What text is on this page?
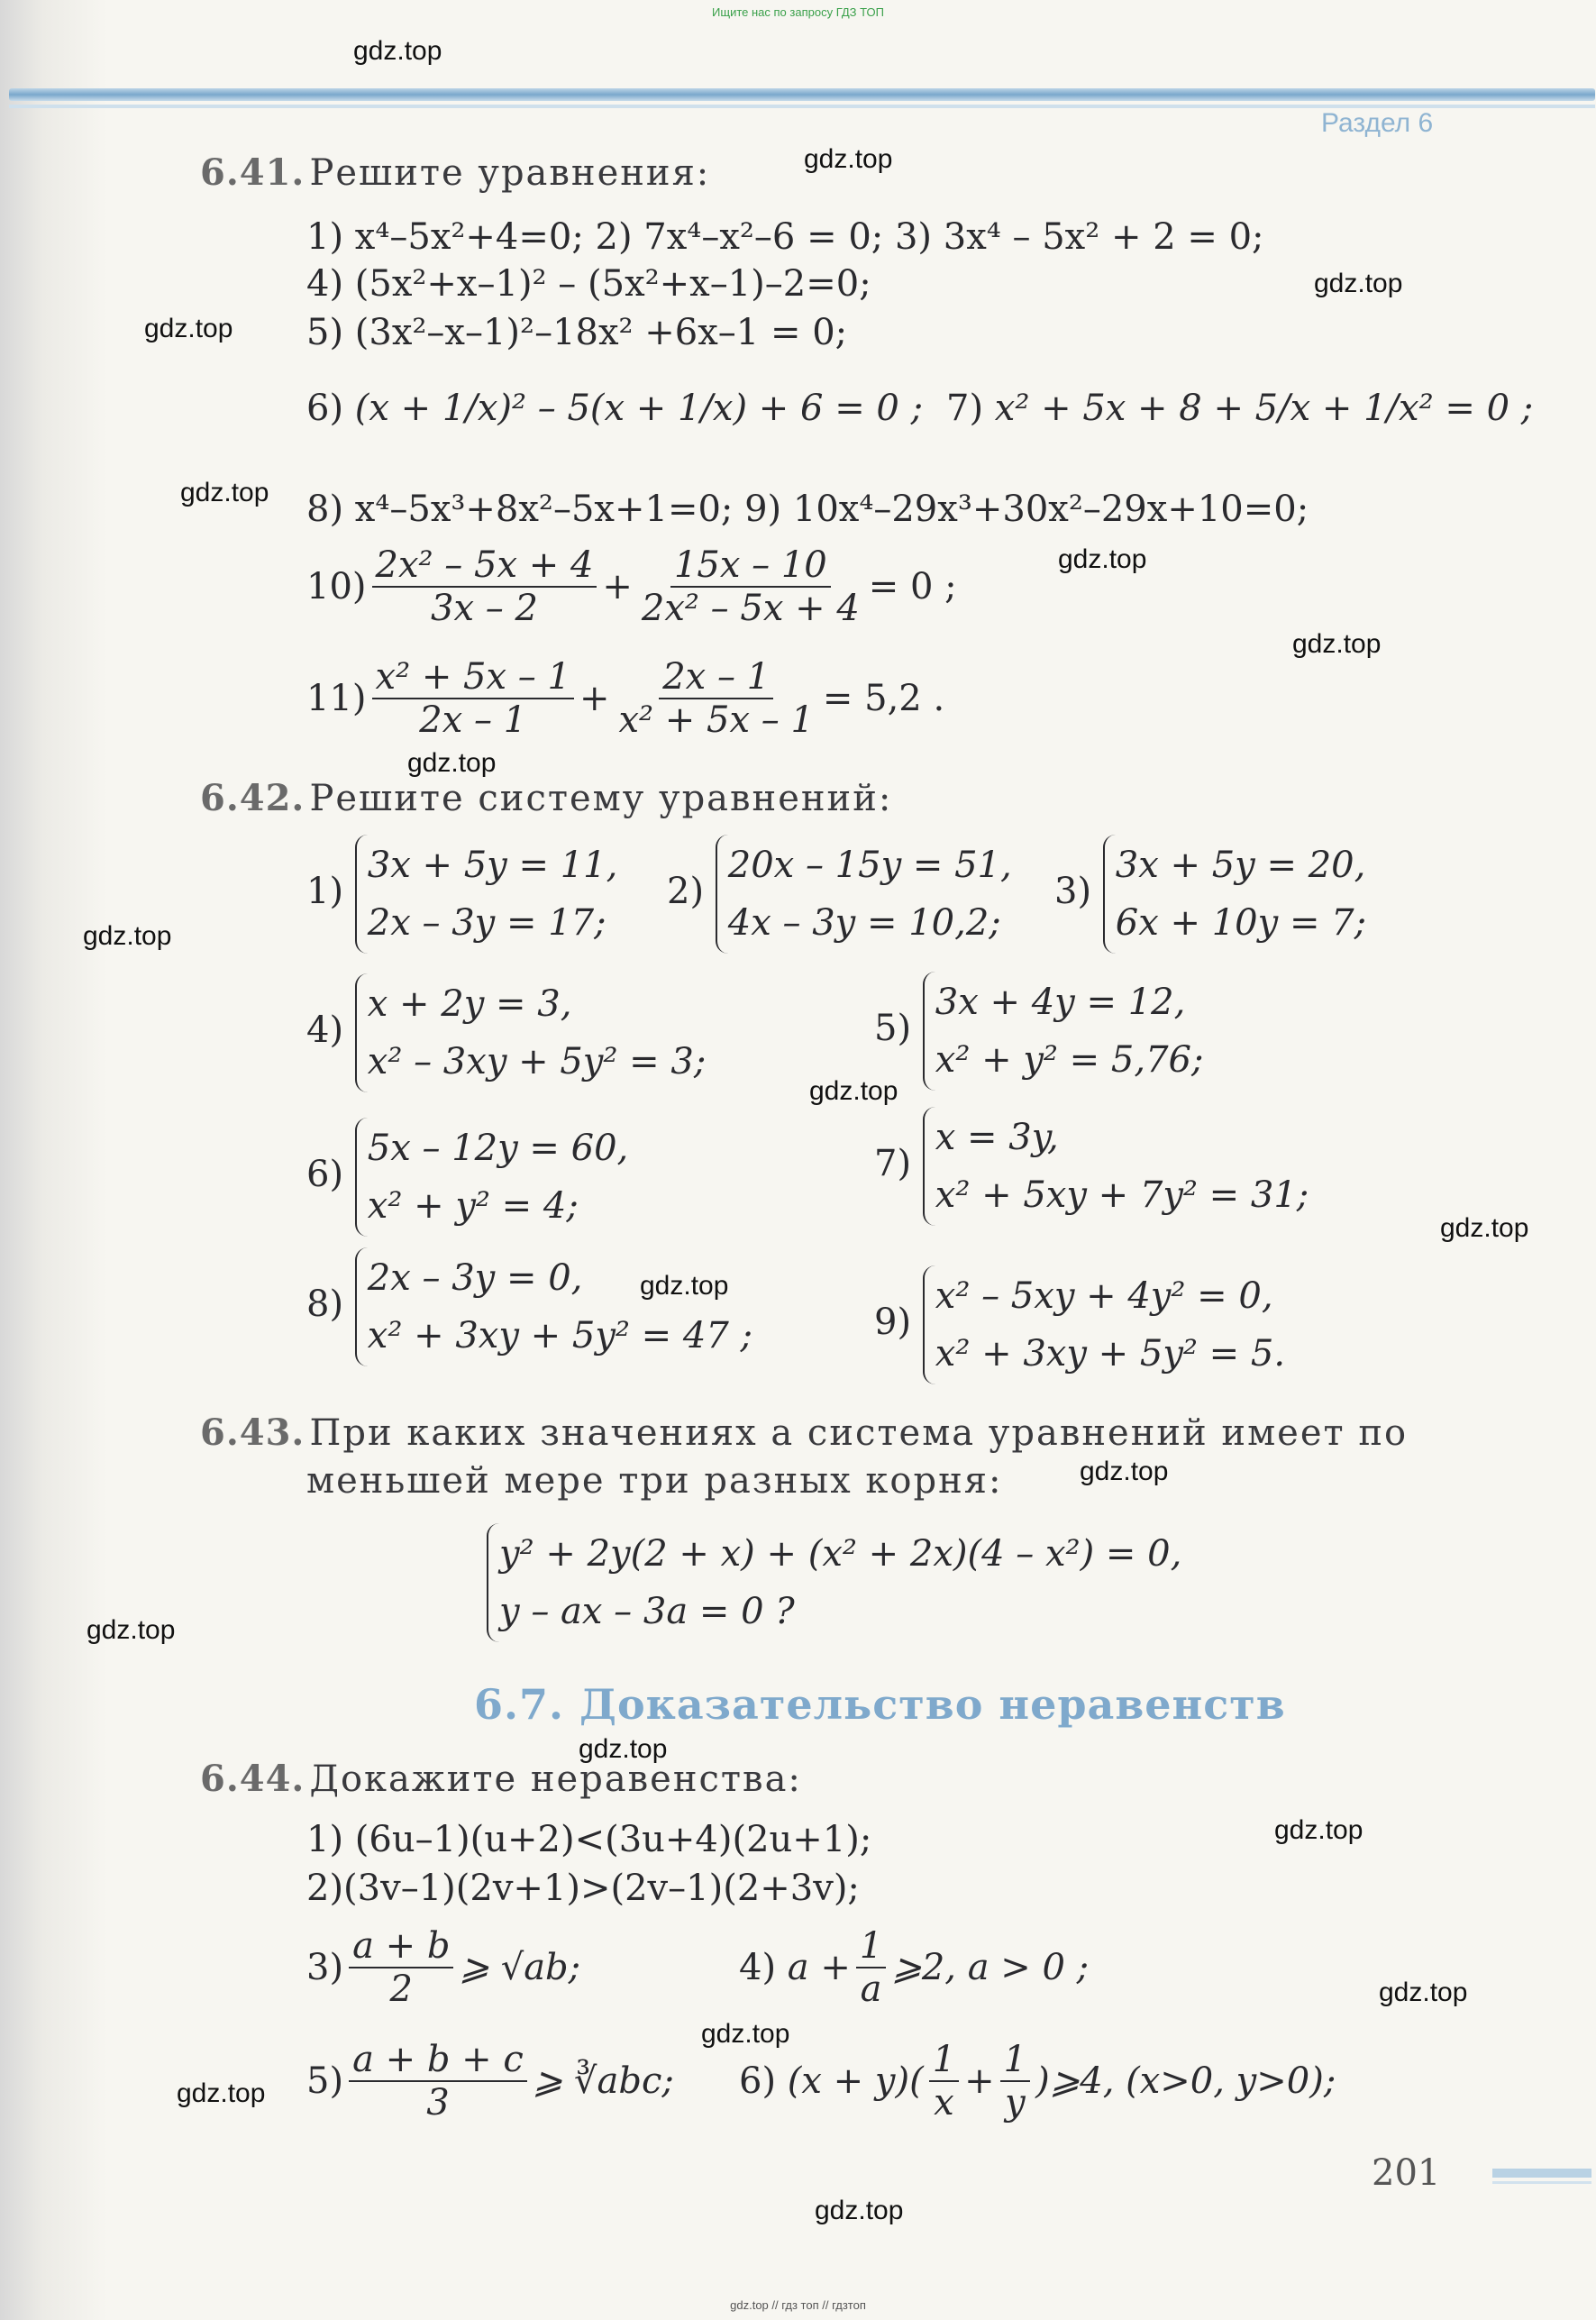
Ищите нас по запросу ГДЗ ТОП
Раздел 6
6.41. Решите уравнения:
1) x⁴–5x²+4=0; 2) 7x⁴–x²–6 = 0; 3) 3x⁴ – 5x² + 2 = 0;
4) (5x²+x–1)² – (5x²+x–1)–2=0;
5) (3x²–x–1)²–18x² +6x–1 = 0;
6) (x + 1/x)² – 5(x + 1/x) + 6 = 0 ; 7) x² + 5x + 8 + 5/x + 1/x² = 0 ;
8) x⁴–5x³+8x²–5x+1=0; 9) 10x⁴–29x³+30x²–29x+10=0;
$10) \frac{\text{2x² – 5x + 4}}{3x - 2} + \frac{15x - 10}{\text{2x² – 5x + 4}} = 0$ ;
$11) \frac{\text{x² + 5x – 1}}{2x - 1} + \frac{2x - 1}{\text{x² + 5x – 1}} = 5,2$ .
6.42. Решите систему уравнений:
1) 3x + 5y = 11,
2x – 3y = 17;
2) 20x – 15y = 51,
4x – 3y = 10,2;
3) 3x + 5y = 20,
6x + 10y = 7;
4) x + 2y = 3,
x² – 3xy + 5y² = 3;
5) 3x + 4y = 12,
x² + y² = 5,76;
6) 5x – 12y = 60,
x² + y² = 4;
7) x = 3y,
x² + 5xy + 7y² = 31;
8) 2x – 3y = 0,
x² + 3xy + 5y² = 47 ;	9) x² – 5xy + 4y² = 0,
x² + 3xy + 5y² = 5.
6.43. При каких значениях a система уравнений имеет по
меньшей мере три разных корня:
y² + 2y(2 + x) + (x² + 2x)(4 – x²) = 0,
y – ax – 3a = 0 ?
6.7. Доказательство неравенств
6.44. Докажите неравенства:
1) (6u–1)(u+2)<(3u+4)(2u+1);
2)(3v–1)(2v+1)>(2v–1)(2+3v);
$3) \frac{a + b}{2}$ ⩾ √ab;	4)
$a + \frac{1}{a}$ ⩾2, a > 0 ;
$5) \frac{a + b + c}{3}$ ⩾ ∛abc; 6)
$(x + y)( \frac{1}{x} + \frac{1}{y}$ )⩾4, (x>0, y>0);
201
gdz.top
gdz.top
gdz.top
gdz.top
gdz.top
gdz.top
gdz.top
gdz.top
gdz.top
gdz.top
gdz.top
gdz.top
gdz.top
gdz.top
gdz.top
gdz.top
gdz.top
gdz.top
gdz.top
gdz.top
gdz.top // гдз топ // гдзтоп
